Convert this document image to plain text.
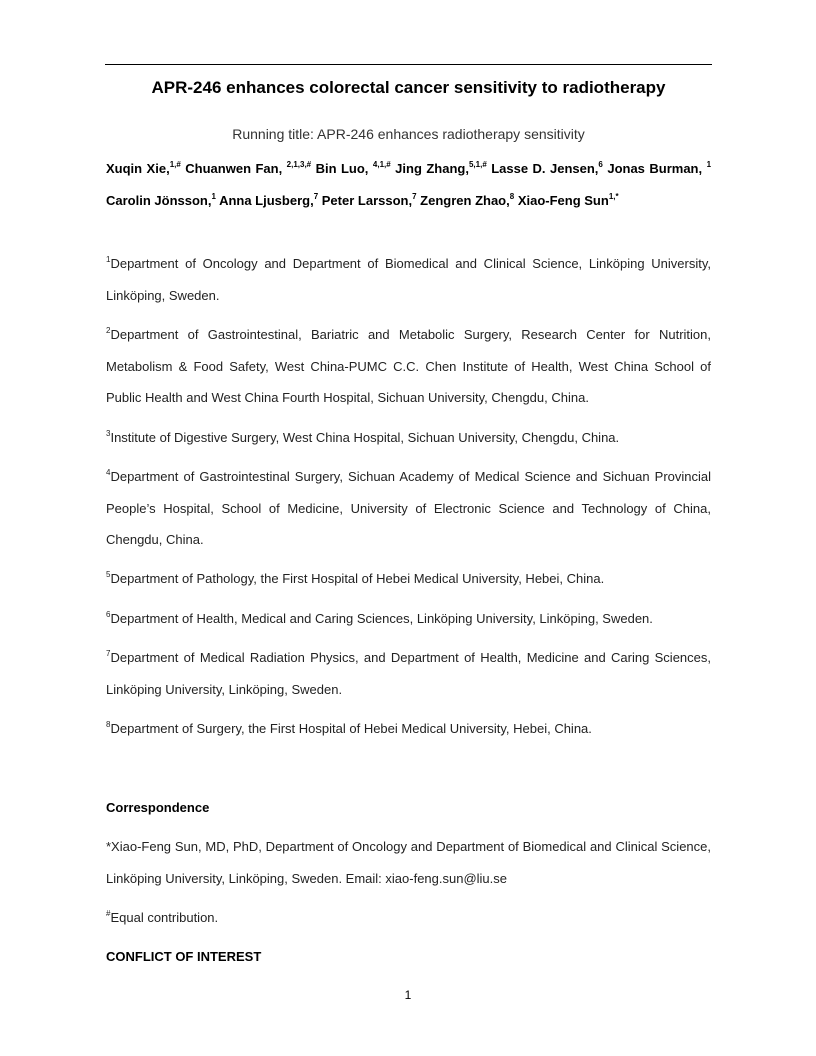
APR-246 enhances colorectal cancer sensitivity to radiotherapy
Running title: APR-246 enhances radiotherapy sensitivity
Xuqin Xie,$^{1,\#}$ Chuanwen Fan, $^{2,1,3,\#}$ Bin Luo, $^{4,1,\#}$ Jing Zhang,$^{5,1,\#}$ Lasse D. Jensen,$^6$ Jonas Burman, $^1$ Carolin Jönsson,$^1$ Anna Ljusberg,$^7$ Peter Larsson,$^7$ Zengren Zhao,$^8$ Xiao-Feng Sun$^{1,*}$
$^1$Department of Oncology and Department of Biomedical and Clinical Science, Linköping University, Linköping, Sweden.
$^2$Department of Gastrointestinal, Bariatric and Metabolic Surgery, Research Center for Nutrition, Metabolism & Food Safety, West China-PUMC C.C. Chen Institute of Health, West China School of Public Health and West China Fourth Hospital, Sichuan University, Chengdu, China.
$^3$Institute of Digestive Surgery, West China Hospital, Sichuan University, Chengdu, China.
$^4$Department of Gastrointestinal Surgery, Sichuan Academy of Medical Science and Sichuan Provincial People’s Hospital, School of Medicine, University of Electronic Science and Technology of China, Chengdu, China.
$^5$Department of Pathology, the First Hospital of Hebei Medical University, Hebei, China.
$^6$Department of Health, Medical and Caring Sciences, Linköping University, Linköping, Sweden.
$^7$Department of Medical Radiation Physics, and Department of Health, Medicine and Caring Sciences, Linköping University, Linköping, Sweden.
$^8$Department of Surgery, the First Hospital of Hebei Medical University, Hebei, China.
Correspondence
*Xiao-Feng Sun, MD, PhD, Department of Oncology and Department of Biomedical and Clinical Science, Linköping University, Linköping, Sweden. Email: xiao-feng.sun@liu.se
#Equal contribution.
CONFLICT OF INTEREST
1
